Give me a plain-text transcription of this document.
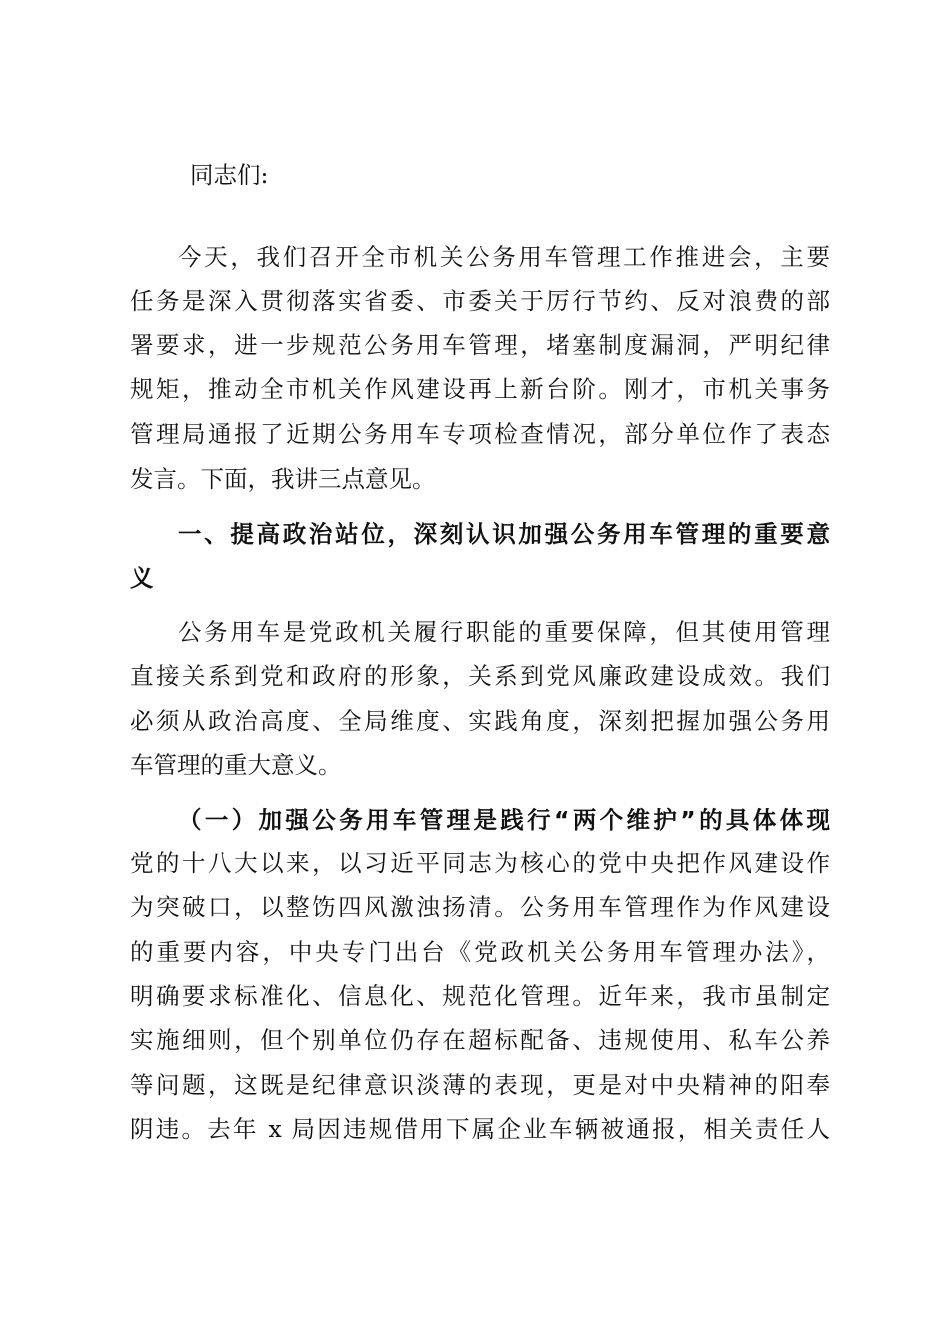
同志们:
今天，我们召开全市机关公务用车管理工作推进会，主要
任务是深入贯彻落实省委、市委关于厉行节约、反对浪费的部
署要求，进一步规范公务用车管理，堵塞制度漏洞，严明纪律
规矩，推动全市机关作风建设再上新台阶。刚才，市机关事务
管理局通报了近期公务用车专项检查情况，部分单位作了表态
发言。下面，我讲三点意见。
一、提高政治站位，深刻认识加强公务用车管理的重要意
义
公务用车是党政机关履行职能的重要保障，但其使用管理
直接关系到党和政府的形象，关系到党风廉政建设成效。我们
必须从政治高度、全局维度、实践角度，深刻把握加强公务用
车管理的重大意义。
（一）加强公务用车管理是践行“两个维护”的具体体现
党的十八大以来，以习近平同志为核心的党中央把作风建设作
为突破口，以整饬四风激浊扬清。公务用车管理作为作风建设
的重要内容，中央专门出台《党政机关公务用车管理办法》，
明确要求标准化、信息化、规范化管理。近年来，我市虽制定
实施细则，但个别单位仍存在超标配备、违规使用、私车公养
等问题，这既是纪律意识淡薄的表现，更是对中央精神的阳奉
阴违。去年 x 局因违规借用下属企业车辆被通报，相关责任人
